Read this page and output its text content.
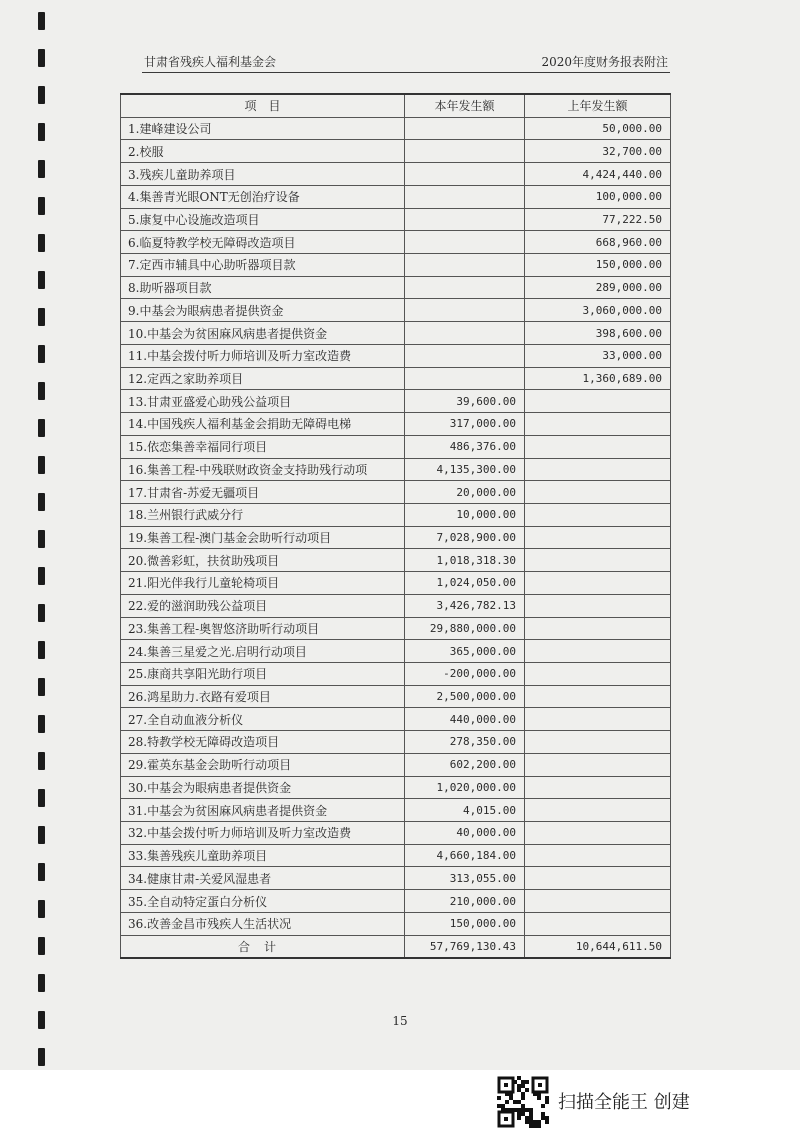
甘肃省残疾人福利基金会	2020年度财务报表附注
项　目	本年发生额	上年发生额
1.建峰建设公司		50,000.00
2.校服		32,700.00
3.残疾儿童助养项目		4,424,440.00
4.集善青光眼ONT无创治疗设备		100,000.00
5.康复中心设施改造项目		77,222.50
6.临夏特教学校无障碍改造项目		668,960.00
7.定西市辅具中心助听器项目款		150,000.00
8.助听器项目款		289,000.00
9.中基会为眼病患者提供资金		3,060,000.00
10.中基会为贫困麻风病患者提供资金		398,600.00
11.中基会拨付听力师培训及听力室改造费		33,000.00
12.定西之家助养项目		1,360,689.00
13.甘肃亚盛爱心助残公益项目	39,600.00	
14.中国残疾人福利基金会捐助无障碍电梯	317,000.00	
15.依恋集善幸福同行项目	486,376.00	
16.集善工程-中残联财政资金支持助残行动项	4,135,300.00	
17.甘肃省-苏爱无疆项目	20,000.00	
18.兰州银行武威分行	10,000.00	
19.集善工程-澳门基金会助听行动项目	7,028,900.00	
20.微善彩虹，扶贫助残项目	1,018,318.30	
21.阳光伴我行儿童轮椅项目	1,024,050.00	
22.爱的滋润助残公益项目	3,426,782.13	
23.集善工程-奥智悠济助听行动项目	29,880,000.00	
24.集善三星爱之光.启明行动项目	365,000.00	
25.康商共享阳光助行项目	-200,000.00	
26.鸿星助力.衣路有爱项目	2,500,000.00	
27.全自动血液分析仪	440,000.00	
28.特教学校无障碍改造项目	278,350.00	
29.霍英东基金会助听行动项目	602,200.00	
30.中基会为眼病患者提供资金	1,020,000.00	
31.中基会为贫困麻风病患者提供资金	4,015.00	
32.中基会拨付听力师培训及听力室改造费	40,000.00	
33.集善残疾儿童助养项目	4,660,184.00	
34.健康甘肃-关爱风湿患者	313,055.00	
35.全自动特定蛋白分析仪	210,000.00	
36.改善金昌市残疾人生活状况	150,000.00	
合计	57,769,130.43	10,644,611.50
15
扫描全能王 创建
